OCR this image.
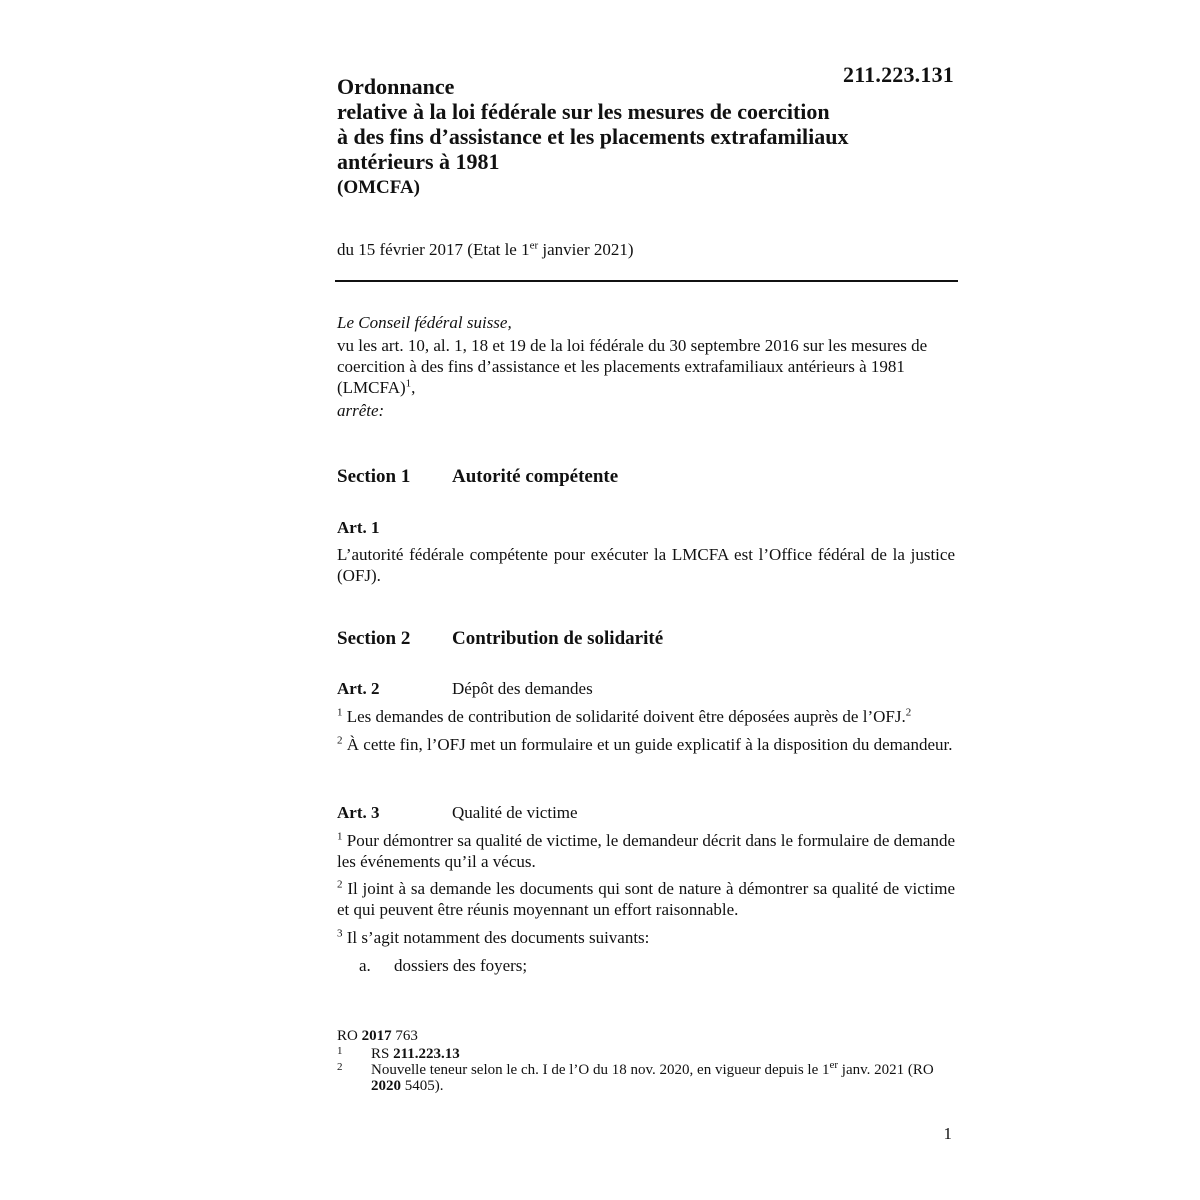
211.223.131
Ordonnance
relative à la loi fédérale sur les mesures de coercition
à des fins d’assistance et les placements extrafamiliaux
antérieurs à 1981
(OMCFA)
du 15 février 2017 (Etat le 1er janvier 2021)

Le Conseil fédéral suisse,

vu les art. 10, al. 1, 18 et 19 de la loi fédérale du 30 septembre 2016 sur les mesures de coercition à des fins d’assistance et les placements extrafamiliaux antérieurs à 1981 (LMCFA)$^1$,

arrête:

Section 1 Autorité compétente
Art. 1

L’autorité fédérale compétente pour exécuter la LMCFA est l’Office fédéral de la justice (OFJ).

Section 2 Contribution de solidarité
Art. 2	Dépôt des demandes

$^1$ Les demandes de contribution de solidarité doivent être déposées auprès de l’OFJ.$^2$

$^2$ À cette fin, l’OFJ met un formulaire et un guide explicatif à la disposition du demandeur.

Art. 3	Qualité de victime

$^1$ Pour démontrer sa qualité de victime, le demandeur décrit dans le formulaire de demande les événements qu’il a vécus.

$^2$ Il joint à sa demande les documents qui sont de nature à démontrer sa qualité de victime et qui peuvent être réunis moyennant un effort raisonnable.

$^3$ Il s’agit notamment des documents suivants:

a. dossiers des foyers;

RO 2017 763

1 RS 211.223.13

2 Nouvelle teneur selon le ch. I de l’O du 18 nov. 2020, en vigueur depuis le 1er janv. 2021 (RO 2020 5405).

1
